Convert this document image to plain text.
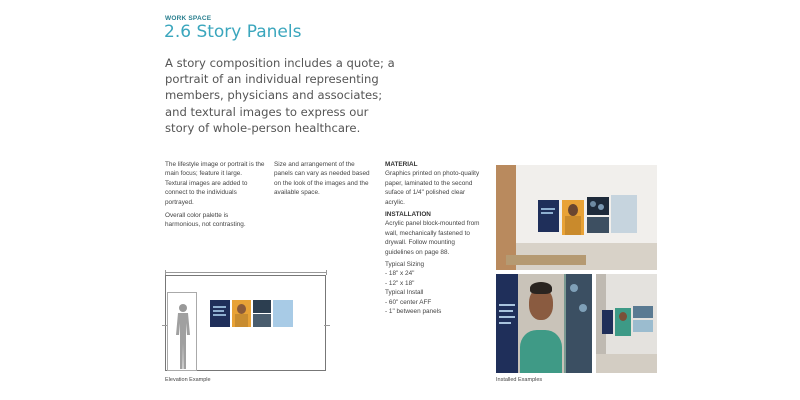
WORK SPACE
2.6 Story Panels
A story composition includes a quote; a portrait of an individual representing members, physicians and associates; and textural images to express our story of whole-person healthcare.

The lifestyle image or portrait is the main focus; feature it large. Textural images are added to connect to the individuals portrayed.

Overall color palette is harmonious, not contrasting.

Size and arrangement of the panels can vary as needed based on the look of the images and the available space.

MATERIAL

Graphics printed on photo-quality paper, laminated to the second suface of 1/4" polished clear acrylic.

INSTALLATION

Acrylic panel block-mounted from wall, mechanically fastened to drywall. Follow mounting guidelines on page 88.

Typical Sizing
- 18" x 24"
- 12" x 18"
Typical Install
- 60" center AFF
- 1" between panels
Elevation Example	Installed Examples
